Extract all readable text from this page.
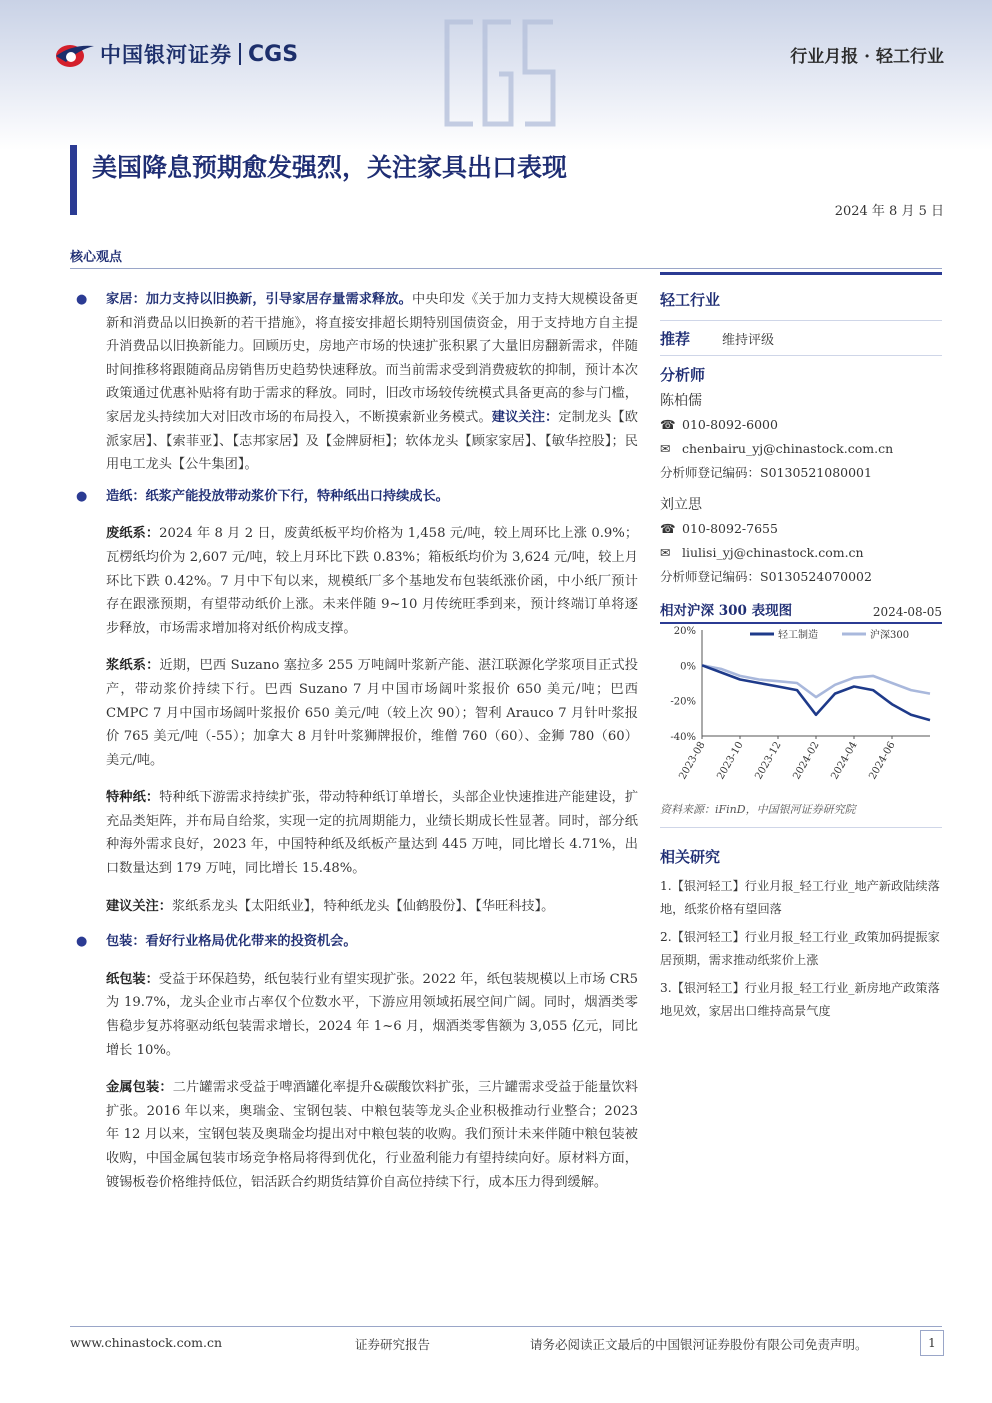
中国银河证券 CGS	行业月报 · 轻工行业
美国降息预期愈发强烈，关注家具出口表现
2024 年 8 月 5 日
核心观点
● 家居：加力支持以旧换新，引导家居存量需求释放。中央印发《关于加力支持大规模设备更新和消费品以旧换新的若干措施》，将直接安排超长期特别国债资金，用于支持地方自主提升消费品以旧换新能力。回顾历史，房地产市场的快速扩张积累了大量旧房翻新需求，伴随时间推移将跟随商品房销售历史趋势快速释放。而当前需求受到消费疲软的抑制，预计本次政策通过优惠补贴将有助于需求的释放。同时，旧改市场较传统模式具备更高的参与门槛，家居龙头持续加大对旧改市场的布局投入，不断摸索新业务模式。建议关注：定制龙头【欧派家居】、【索菲亚】、【志邦家居】及【金牌厨柜】；软体龙头【顾家家居】、【敏华控股】；民用电工龙头【公牛集团】。
● 造纸：纸浆产能投放带动浆价下行，特种纸出口持续成长。
废纸系：2024 年 8 月 2 日，废黄纸板平均价格为 1,458 元/吨，较上周环比上涨 0.9%；瓦楞纸均价为 2,607 元/吨，较上月环比下跌 0.83%；箱板纸均价为 3,624 元/吨，较上月环比下跌 0.42%。7 月中下旬以来，规模纸厂多个基地发布包装纸涨价函，中小纸厂预计存在跟涨预期，有望带动纸价上涨。未来伴随 9~10 月传统旺季到来，预计终端订单将逐步释放，市场需求增加将对纸价构成支撑。
浆纸系：近期，巴西 Suzano 塞拉多 255 万吨阔叶浆新产能、湛江联源化学浆项目正式投产，带动浆价持续下行。巴西 Suzano 7 月中国市场阔叶浆报价 650 美元/吨；巴西 CMPC 7 月中国市场阔叶浆报价 650 美元/吨（较上次 90）；智利 Arauco 7 月针叶浆报价 765 美元/吨（-55）；加拿大 8 月针叶浆狮牌报价，维僧 760（60）、金狮 780（60）美元/吨。
特种纸：特种纸下游需求持续扩张，带动特种纸订单增长，头部企业快速推进产能建设，扩充品类矩阵，并布局自给浆，实现一定的抗周期能力，业绩长期成长性显著。同时，部分纸种海外需求良好，2023 年，中国特种纸及纸板产量达到 445 万吨，同比增长 4.71%，出口数量达到 179 万吨，同比增长 15.48%。
建议关注：浆纸系龙头【太阳纸业】，特种纸龙头【仙鹤股份】、【华旺科技】。
● 包装：看好行业格局优化带来的投资机会。
纸包装：受益于环保趋势，纸包装行业有望实现扩张。2022 年，纸包装规模以上市场 CR5 为 19.7%，龙头企业市占率仅个位数水平，下游应用领域拓展空间广阔。同时，烟酒类零售稳步复苏将驱动纸包装需求增长，2024 年 1~6 月，烟酒类零售额为 3,055 亿元，同比增长 10%。
金属包装：二片罐需求受益于啤酒罐化率提升&碳酸饮料扩张，三片罐需求受益于能量饮料扩张。2016 年以来，奥瑞金、宝钢包装、中粮包装等龙头企业积极推动行业整合；2023 年 12 月以来，宝钢包装及奥瑞金均提出对中粮包装的收购。我们预计未来伴随中粮包装被收购，中国金属包装市场竞争格局将得到优化，行业盈利能力有望持续向好。原材料方面，镀锡板卷价格维持低位，铝活跃合约期货结算价自高位持续下行，成本压力得到缓解。
轻工行业
推荐	维持评级
分析师
陈柏儒
☎ 010-8092-6000
✉ chenbairu_yj@chinastock.com.cn
分析师登记编码：S0130521080001
刘立思
☎ 010-8092-7655
✉ liulisi_yj@chinastock.com.cn
分析师登记编码：S0130524070002
相对沪深 300 表现图	2024-08-05
20%
0%
-20%
-40%
轻工制造	沪深300
2023-08 2023-10 2023-12 2024-02 2024-04 2024-06
资料来源：iFinD，中国银河证券研究院
相关研究
1.【银河轻工】行业月报_轻工行业_地产新政陆续落地，纸浆价格有望回落
2.【银河轻工】行业月报_轻工行业_政策加码提振家居预期，需求推动纸浆价上涨
3.【银河轻工】行业月报_轻工行业_新房地产政策落地见效，家居出口维持高景气度
www.chinastock.com.cn	证券研究报告	请务必阅读正文最后的中国银河证券股份有限公司免责声明。	1
